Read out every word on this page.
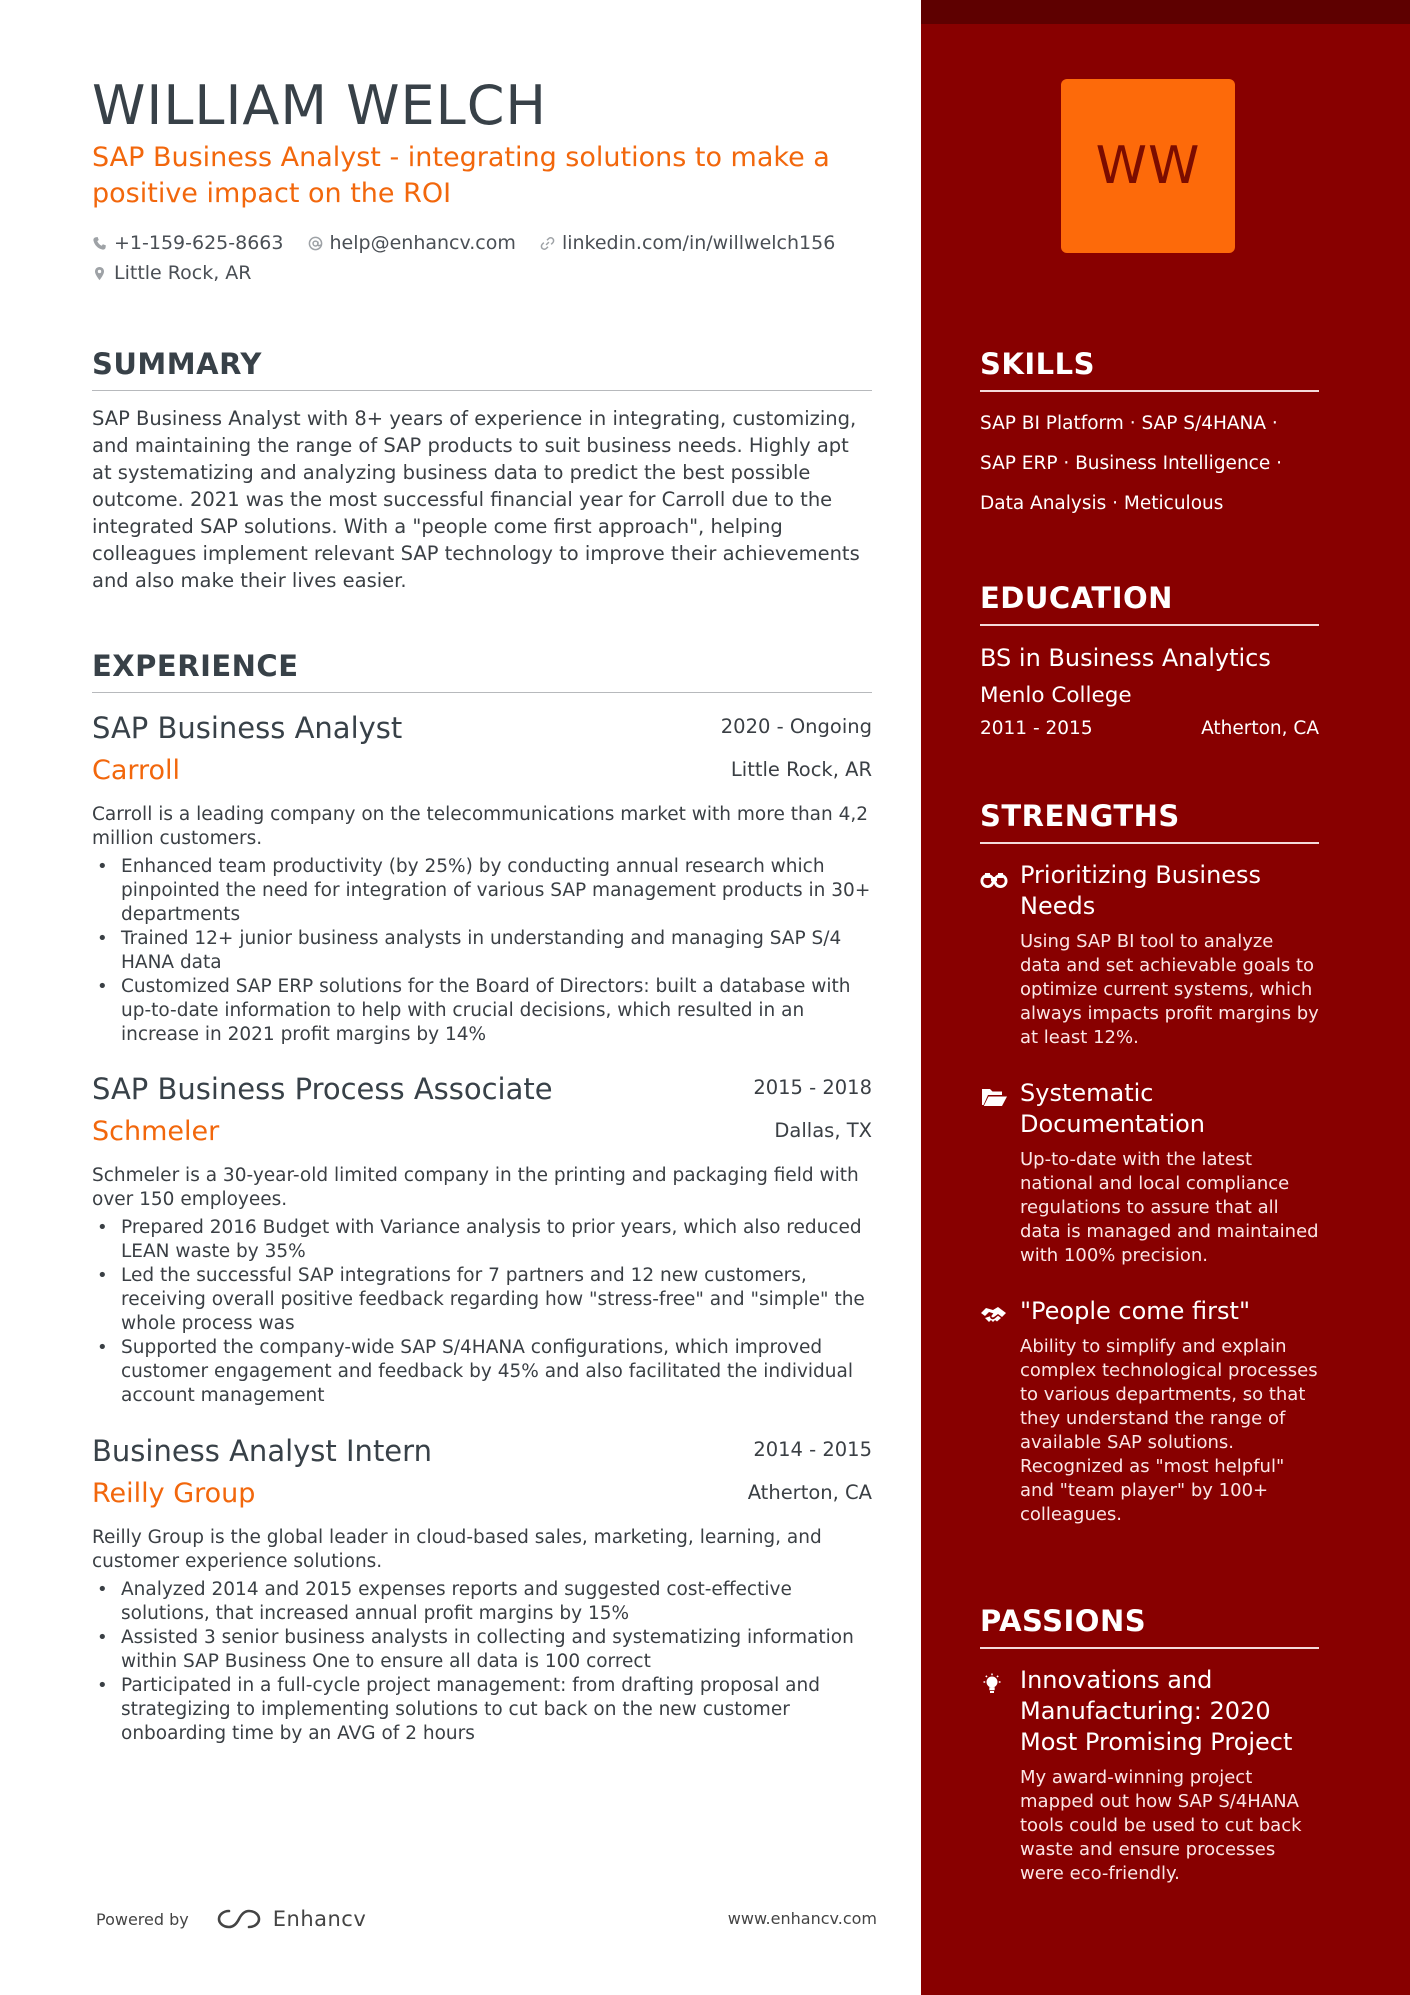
WILLIAM WELCH
SAP Business Analyst - integrating solutions to make a positive impact on the ROI
+1-159-625-8663
help@enhancv.com
linkedin.com/in/willwelch156

Little Rock, AR
SUMMARY

SAP Business Analyst with 8+ years of experience in integrating, customizing, and maintaining the range of SAP products to suit business needs. Highly apt at systematizing and analyzing business data to predict the best possible outcome. 2021 was the most successful financial year for Carroll due to the integrated SAP solutions. With a "people come first approach", helping colleagues implement relevant SAP technology to improve their achievements and also make their lives easier.

EXPERIENCE
SAP Business Analyst	2020 - Ongoing
Carroll	Little Rock, AR

Carroll is a leading company on the telecommunications market with more than 4,2 million customers.

• Enhanced team productivity (by 25%) by conducting annual research which pinpointed the need for integration of various SAP management products in 30+ departments
• Trained 12+ junior business analysts in understanding and managing SAP S/4 HANA data
• Customized SAP ERP solutions for the Board of Directors: built a database with up-to-date information to help with crucial decisions, which resulted in an increase in 2021 profit margins by 14%
SAP Business Process Associate	2015 - 2018
Schmeler	Dallas, TX

Schmeler is a 30-year-old limited company in the printing and packaging field with over 150 employees.

• Prepared 2016 Budget with Variance analysis to prior years, which also reduced LEAN waste by 35%
• Led the successful SAP integrations for 7 partners and 12 new customers, receiving overall positive feedback regarding how "stress-free" and "simple" the whole process was
• Supported the company-wide SAP S/4HANA configurations, which improved customer engagement and feedback by 45% and also facilitated the individual account management
Business Analyst Intern	2014 - 2015
Reilly Group	Atherton, CA

Reilly Group is the global leader in cloud-based sales, marketing, learning, and customer experience solutions.

• Analyzed 2014 and 2015 expenses reports and suggested cost-effective solutions, that increased annual profit margins by 15%
• Assisted 3 senior business analysts in collecting and systematizing information within SAP Business One to ensure all data is 100 correct
• Participated in a full-cycle project management: from drafting proposal and strategizing to implementing solutions to cut back on the new customer onboarding time by an AVG of 2 hours
Powered by	Enhancv	www.enhancv.com
WW
SKILLS
SAP BI Platform · SAP S/4HANA ·
SAP ERP · Business Intelligence ·
Data Analysis · Meticulous
EDUCATION
BS in Business Analytics
Menlo College
2011 - 2015	Atherton, CA
STRENGTHS
Prioritizing Business Needs
Using SAP BI tool to analyze data and set achievable goals to optimize current systems, which always impacts profit margins by at least 12%.
Systematic Documentation
Up-to-date with the latest national and local compliance regulations to assure that all data is managed and maintained with 100% precision.
"People come first"
Ability to simplify and explain complex technological processes to various departments, so that they understand the range of available SAP solutions. Recognized as "most helpful" and "team player" by 100+ colleagues.
PASSIONS
Innovations and Manufacturing: 2020 Most Promising Project
My award-winning project mapped out how SAP S/4HANA tools could be used to cut back waste and ensure processes were eco-friendly.
